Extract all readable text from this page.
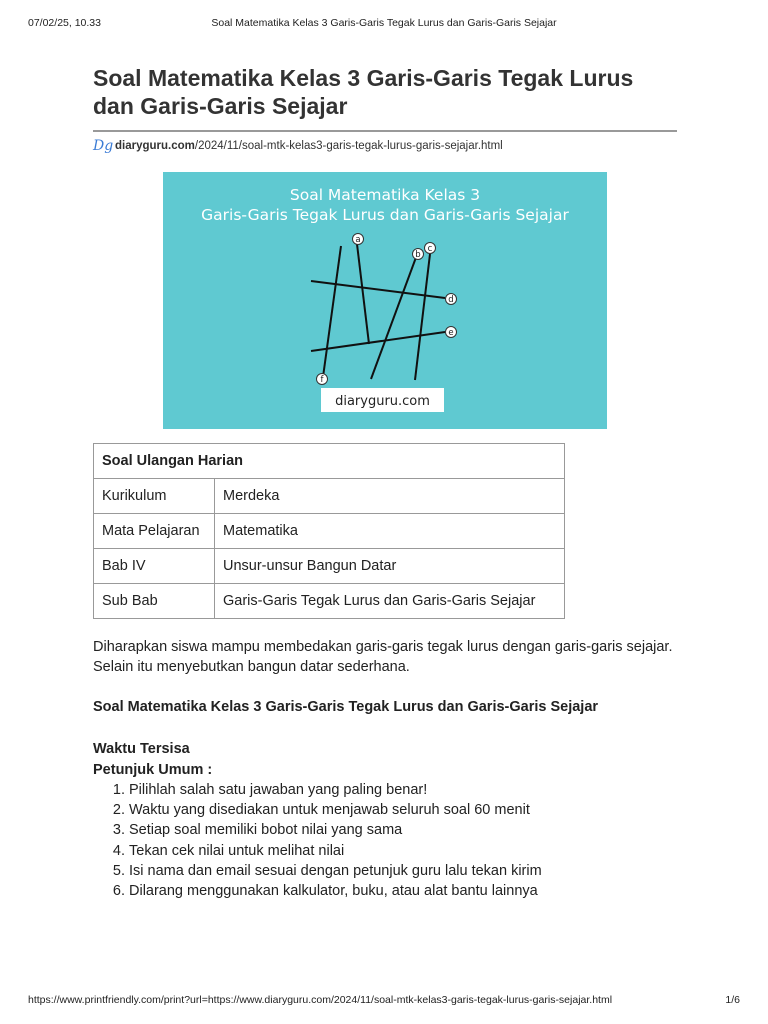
07/02/25, 10.33	Soal Matematika Kelas 3 Garis-Garis Tegak Lurus dan Garis-Garis Sejajar
Soal Matematika Kelas 3 Garis-Garis Tegak Lurus dan Garis-Garis Sejajar
Dg diaryguru.com/2024/11/soal-mtk-kelas3-garis-tegak-lurus-garis-sejajar.html
Soal Matematika Kelas 3
Garis-Garis Tegak Lurus dan Garis-Garis Sejajar
a
b
c
d
e
f
diaryguru.com
Soal Ulangan Harian	
Kurikulum	Merdeka
Mata Pelajaran	Matematika
Bab IV	Unsur-unsur Bangun Datar
Sub Bab	Garis-Garis Tegak Lurus dan Garis-Garis Sejajar

Diharapkan siswa mampu membedakan garis-garis tegak lurus dengan garis-garis sejajar. Selain itu menyebutkan bangun datar sederhana.

Soal Matematika Kelas 3 Garis-Garis Tegak Lurus dan Garis-Garis Sejajar

Waktu Tersisa

Petunjuk Umum :

1. Pilihlah salah satu jawaban yang paling benar!
2. Waktu yang disediakan untuk menjawab seluruh soal 60 menit
3. Setiap soal memiliki bobot nilai yang sama
4. Tekan cek nilai untuk melihat nilai
5. Isi nama dan email sesuai dengan petunjuk guru lalu tekan kirim
6. Dilarang menggunakan kalkulator, buku, atau alat bantu lainnya
https://www.printfriendly.com/print?url=https://www.diaryguru.com/2024/11/soal-mtk-kelas3-garis-tegak-lurus-garis-sejajar.html	1/6
